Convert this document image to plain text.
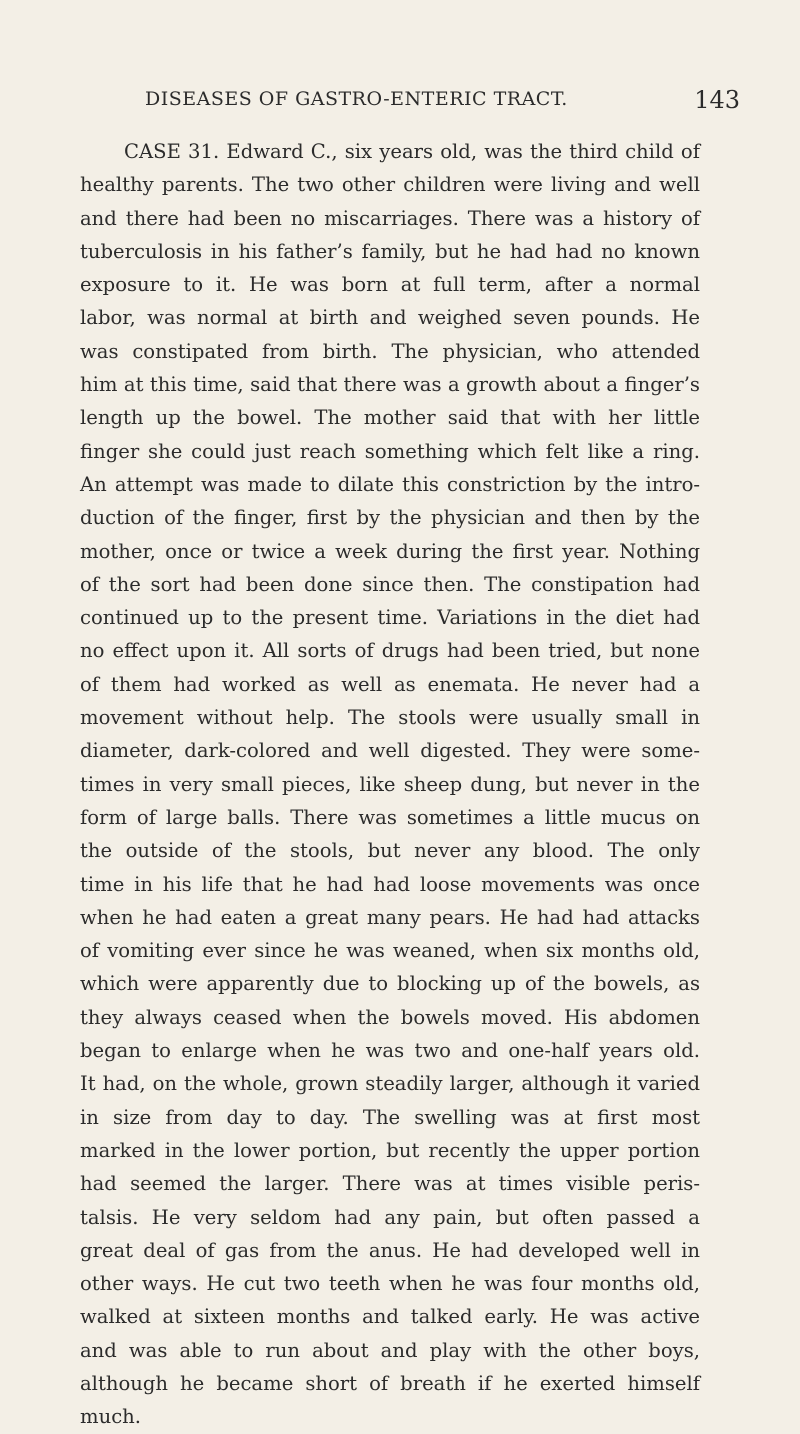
DISEASES OF GASTRO-ENTERIC TRACT.	143
CASE 31. Edward C., six years old, was the third child of
healthy parents. The two other children were living and well
and there had been no miscarriages. There was a history of
tuberculosis in his father’s family, but he had had no known
exposure to it. He was born at full term, after a normal
labor, was normal at birth and weighed seven pounds. He
was constipated from birth. The physician, who attended
him at this time, said that there was a growth about a finger’s
length up the bowel. The mother said that with her little
finger she could just reach something which felt like a ring.
An attempt was made to dilate this constriction by the intro-
duction of the finger, first by the physician and then by the
mother, once or twice a week during the first year. Nothing
of the sort had been done since then. The constipation had
continued up to the present time. Variations in the diet had
no effect upon it. All sorts of drugs had been tried, but none
of them had worked as well as enemata. He never had a
movement without help. The stools were usually small in
diameter, dark-colored and well digested. They were some-
times in very small pieces, like sheep dung, but never in the
form of large balls. There was sometimes a little mucus on
the outside of the stools, but never any blood. The only
time in his life that he had had loose movements was once
when he had eaten a great many pears. He had had attacks
of vomiting ever since he was weaned, when six months old,
which were apparently due to blocking up of the bowels, as
they always ceased when the bowels moved. His abdomen
began to enlarge when he was two and one-half years old.
It had, on the whole, grown steadily larger, although it varied
in size from day to day. The swelling was at first most
marked in the lower portion, but recently the upper portion
had seemed the larger. There was at times visible peris-
talsis. He very seldom had any pain, but often passed a
great deal of gas from the anus. He had developed well in
other ways. He cut two teeth when he was four months old,
walked at sixteen months and talked early. He was active
and was able to run about and play with the other boys,
although he became short of breath if he exerted himself
much.
